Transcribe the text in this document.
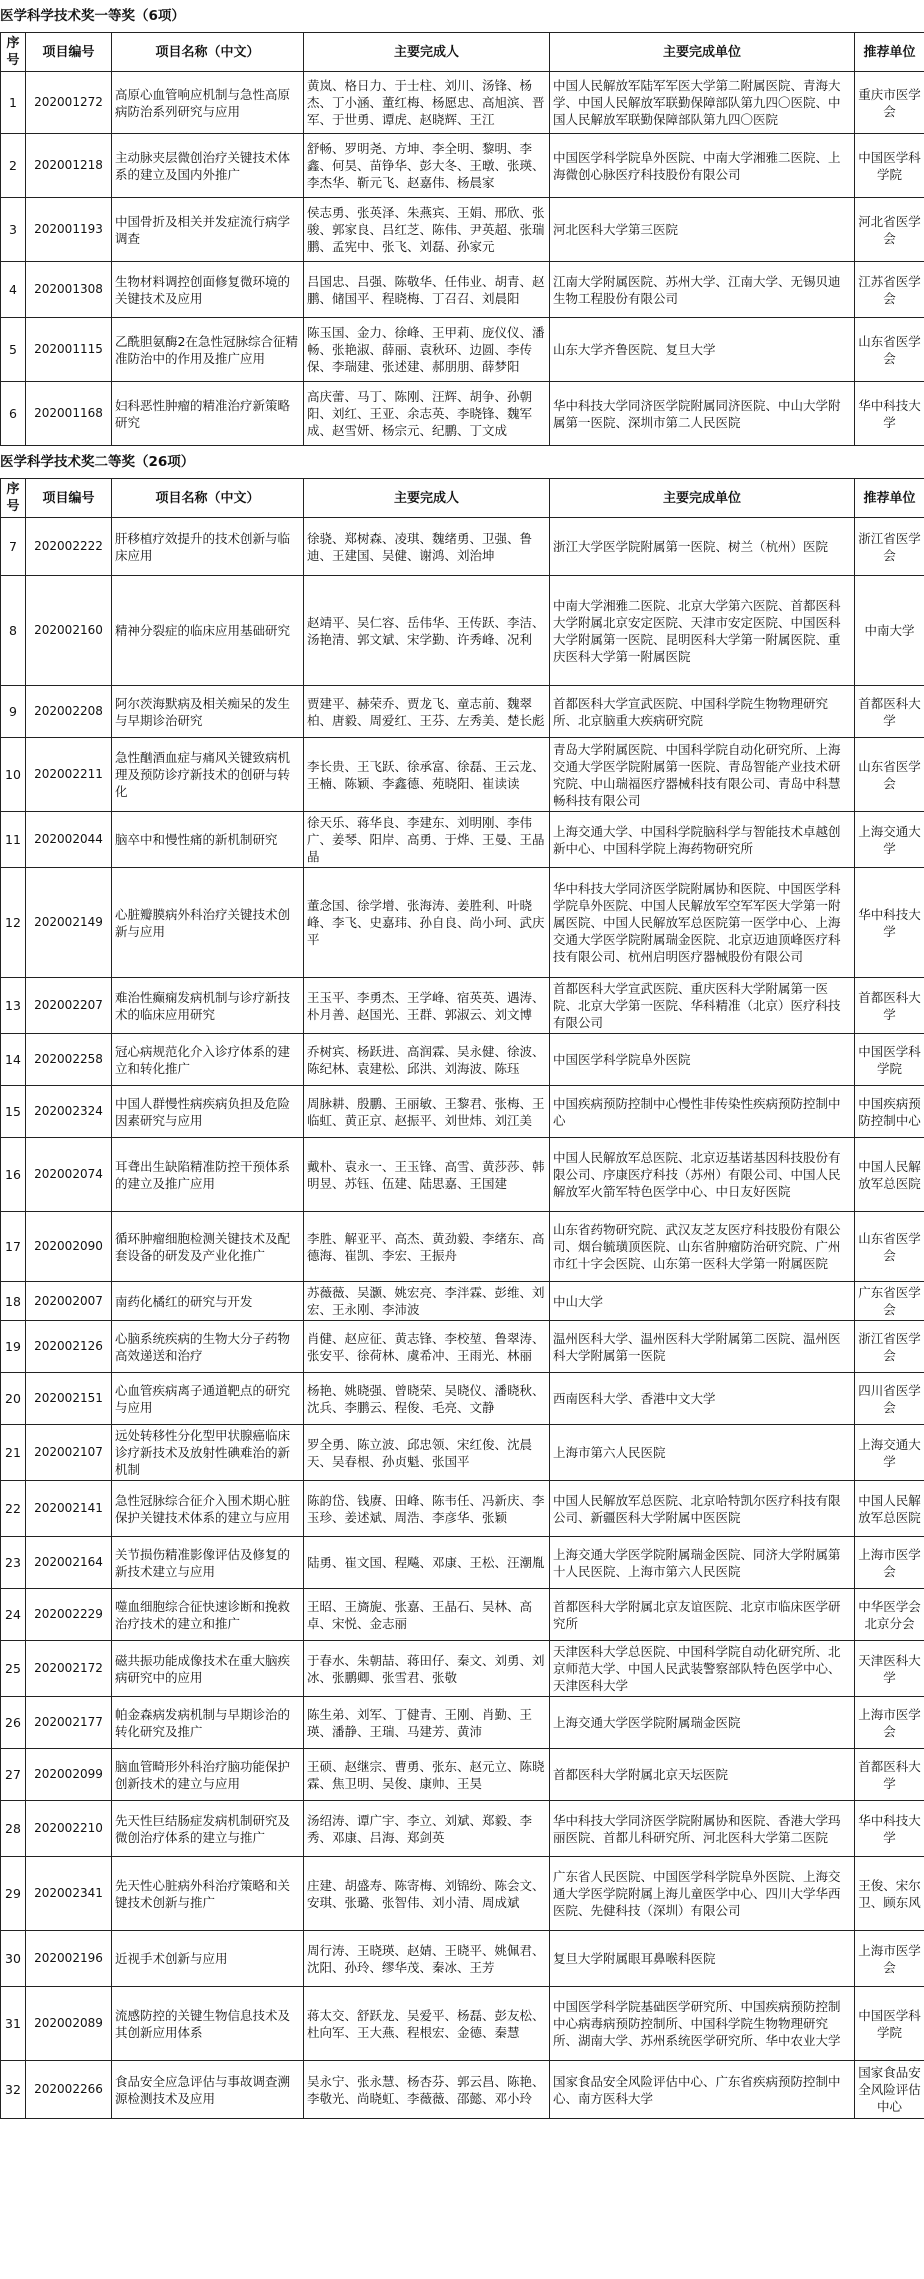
医学科学技术奖一等奖（6项）
序号	项目编号	项目名称（中文）	主要完成人	主要完成单位	推荐单位
1	202001272	高原心血管响应机制与急性高原病防治系列研究与应用	黄岚、格日力、于士柱、刘川、汤锋、杨杰、丁小涵、董红梅、杨愿忠、高旭滨、晋军、于世勇、谭虎、赵晓辉、王江	中国人民解放军陆军军医大学第二附属医院、青海大学、中国人民解放军联勤保障部队第九四〇医院、中国人民解放军联勤保障部队第九四〇医院	重庆市医学会
2	202001218	主动脉夹层微创治疗关键技术体系的建立及国内外推广	舒畅、罗明尧、方坤、李全明、黎明、李鑫、何昊、苗铮华、彭大冬、王暾、张瑛、李杰华、靳元飞、赵嘉伟、杨晨家	中国医学科学院阜外医院、中南大学湘雅二医院、上海微创心脉医疗科技股份有限公司	中国医学科学院
3	202001193	中国骨折及相关并发症流行病学调查	侯志勇、张英泽、朱燕宾、王娟、邢欣、张骏、郭家良、吕红芝、陈伟、尹英超、张瑞鹏、孟宪中、张飞、刘磊、孙家元	河北医科大学第三医院	河北省医学会
4	202001308	生物材料调控创面修复微环境的关键技术及应用	吕国忠、吕强、陈敬华、任伟业、胡青、赵鹏、储国平、程晓梅、丁召召、刘晨阳	江南大学附属医院、苏州大学、江南大学、无锡贝迪生物工程股份有限公司	江苏省医学会
5	202001115	乙酰胆氨酶2在急性冠脉综合征精准防治中的作用及推广应用	陈玉国、金力、徐峰、王甲莉、庞仪仪、潘畅、张艳淑、薛丽、袁秋环、边圆、李传保、李瑞建、张述建、郝朋朋、薛梦阳	山东大学齐鲁医院、复旦大学	山东省医学会
6	202001168	妇科恶性肿瘤的精准治疗新策略研究	高庆蕾、马丁、陈刚、汪辉、胡争、孙朝阳、刘红、王亚、余志英、李晓锋、魏军成、赵雪妍、杨宗元、纪鹏、丁文成	华中科技大学同济医学院附属同济医院、中山大学附属第一医院、深圳市第二人民医院	华中科技大学
医学科学技术奖二等奖（26项）
序号	项目编号	项目名称（中文）	主要完成人	主要完成单位	推荐单位
7	202002222	肝移植疗效提升的技术创新与临床应用	徐骁、郑树森、凌琪、魏绪勇、卫强、鲁迪、王建国、吴健、谢鸿、刘治坤	浙江大学医学院附属第一医院、树兰（杭州）医院	浙江省医学会
8	202002160	精神分裂症的临床应用基础研究	赵靖平、吴仁容、岳伟华、王传跃、李洁、汤艳清、郭文斌、宋学勤、许秀峰、况利	中南大学湘雅二医院、北京大学第六医院、首都医科大学附属北京安定医院、天津市安定医院、中国医科大学附属第一医院、昆明医科大学第一附属医院、重庆医科大学第一附属医院	中南大学
9	202002208	阿尔茨海默病及相关痴呆的发生与早期诊治研究	贾建平、赫荣乔、贾龙飞、童志前、魏翠柏、唐毅、周爱红、王芬、左秀美、楚长彪	首都医科大学宣武医院、中国科学院生物物理研究所、北京脑重大疾病研究院	首都医科大学
10	202002211	急性酗酒血症与痛风关键致病机理及预防诊疗新技术的创研与转化	李长贵、王飞跃、徐承富、徐磊、王云龙、王楠、陈颖、李鑫德、苑晓阳、崔读读	青岛大学附属医院、中国科学院自动化研究所、上海交通大学医学院附属第一医院、青岛智能产业技术研究院、中山瑞福医疗器械科技有限公司、青岛中科慧畅科技有限公司	山东省医学会
11	202002044	脑卒中和慢性痛的新机制研究	徐天乐、蒋华良、李建东、刘明刚、李伟广、姜琴、阳岸、高勇、于烨、王曼、王晶晶	上海交通大学、中国科学院脑科学与智能技术卓越创新中心、中国科学院上海药物研究所	上海交通大学
12	202002149	心脏瓣膜病外科治疗关键技术创新与应用	董念国、徐学增、张海涛、姜胜利、叶晓峰、李飞、史嘉玮、孙自良、尚小珂、武庆平	华中科技大学同济医学院附属协和医院、中国医学科学院阜外医院、中国人民解放军空军军医大学第一附属医院、中国人民解放军总医院第一医学中心、上海交通大学医学院附属瑞金医院、北京迈迪顶峰医疗科技有限公司、杭州启明医疗器械股份有限公司	华中科技大学
13	202002207	难治性癫痫发病机制与诊疗新技术的临床应用研究	王玉平、李勇杰、王学峰、宿英英、遇涛、朴月善、赵国光、王群、郭淑云、刘文博	首都医科大学宣武医院、重庆医科大学附属第一医院、北京大学第一医院、华科精准（北京）医疗科技有限公司	首都医科大学
14	202002258	冠心病规范化介入诊疗体系的建立和转化推广	乔树宾、杨跃进、高润霖、吴永健、徐波、陈纪林、袁建松、邱洪、刘海波、陈珏	中国医学科学院阜外医院	中国医学科学院
15	202002324	中国人群慢性病疾病负担及危险因素研究与应用	周脉耕、殷鹏、王丽敏、王黎君、张梅、王临虹、黄正京、赵振平、刘世炜、刘江美	中国疾病预防控制中心慢性非传染性疾病预防控制中心	中国疾病预防控制中心
16	202002074	耳聋出生缺陷精准防控干预体系的建立及推广应用	戴朴、袁永一、王玉锋、高雪、黄莎莎、韩明昱、苏钰、伍建、陆思嘉、王国建	中国人民解放军总医院、北京迈基诺基因科技股份有限公司、序康医疗科技（苏州）有限公司、中国人民解放军火箭军特色医学中心、中日友好医院	中国人民解放军总医院
17	202002090	循环肿瘤细胞检测关键技术及配套设备的研发及产业化推广	李胜、解亚平、高杰、黄劲毅、李绪东、高德海、崔凯、李宏、王振舟	山东省药物研究院、武汉友芝友医疗科技股份有限公司、烟台毓璜顶医院、山东省肿瘤防治研究院、广州市红十字会医院、山东第一医科大学第一附属医院	山东省医学会
18	202002007	南药化橘红的研究与开发	苏薇薇、吴灏、姚宏亮、李泮霖、彭维、刘宏、王永刚、李沛波	中山大学	广东省医学会
19	202002126	心脑系统疾病的生物大分子药物高效递送和治疗	肖健、赵应征、黄志锋、李校堃、鲁翠涛、张安平、徐荷林、虞希冲、王雨光、林丽	温州医科大学、温州医科大学附属第二医院、温州医科大学附属第一医院	浙江省医学会
20	202002151	心血管疾病离子通道靶点的研究与应用	杨艳、姚晓强、曾晓荣、吴晓仪、潘晓秋、沈兵、李鹏云、程俊、毛亮、文静	西南医科大学、香港中文大学	四川省医学会
21	202002107	远处转移性分化型甲状腺癌临床诊疗新技术及放射性碘难治的新机制	罗全勇、陈立波、邱忠领、宋红俊、沈晨天、吴春根、孙贞魁、张国平	上海市第六人民医院	上海交通大学
22	202002141	急性冠脉综合征介入围术期心脏保护关键技术体系的建立与应用	陈韵岱、钱赓、田峰、陈韦任、冯新庆、李玉珍、姜述斌、周浩、李彦华、张颖	中国人民解放军总医院、北京哈特凯尔医疗科技有限公司、新疆医科大学附属中医医院	中国人民解放军总医院
23	202002164	关节损伤精准影像评估及修复的新技术建立与应用	陆勇、崔文国、程飚、邓康、王松、汪潮胤	上海交通大学医学院附属瑞金医院、同济大学附属第十人民医院、上海市第六人民医院	上海市医学会
24	202002229	噬血细胞综合征快速诊断和挽救治疗技术的建立和推广	王昭、王旖旎、张嘉、王晶石、吴林、高卓、宋悦、金志丽	首都医科大学附属北京友谊医院、北京市临床医学研究所	中华医学会北京分会
25	202002172	磁共振功能成像技术在重大脑疾病研究中的应用	于春水、朱朝喆、蒋田仔、秦文、刘勇、刘冰、张鹏卿、张雪君、张敬	天津医科大学总医院、中国科学院自动化研究所、北京师范大学、中国人民武装警察部队特色医学中心、天津医科大学	天津医科大学
26	202002177	帕金森病发病机制与早期诊治的转化研究及推广	陈生弟、刘军、丁健青、王刚、肖勤、王瑛、潘静、王瑞、马建芳、黄沛	上海交通大学医学院附属瑞金医院	上海市医学会
27	202002099	脑血管畸形外科治疗脑功能保护创新技术的建立与应用	王硕、赵继宗、曹勇、张东、赵元立、陈晓霖、焦卫明、吴俊、康帅、王昊	首都医科大学附属北京天坛医院	首都医科大学
28	202002210	先天性巨结肠症发病机制研究及微创治疗体系的建立与推广	汤绍涛、谭广宇、李立、刘斌、郑毅、李秀、邓康、吕海、郑剑英	华中科技大学同济医学院附属协和医院、香港大学玛丽医院、首都儿科研究所、河北医科大学第二医院	华中科技大学
29	202002341	先天性心脏病外科治疗策略和关键技术创新与推广	庄建、胡盛寿、陈寄梅、刘锦纷、陈会文、安琪、张璐、张智伟、刘小清、周成斌	广东省人民医院、中国医学科学院阜外医院、上海交通大学医学院附属上海儿童医学中心、四川大学华西医院、先健科技（深圳）有限公司	王俊、宋尔卫、顾东风
30	202002196	近视手术创新与应用	周行涛、王晓瑛、赵婧、王晓平、姚佩君、沈阳、孙玲、缪华茂、秦冰、王芳	复旦大学附属眼耳鼻喉科医院	上海市医学会
31	202002089	流感防控的关键生物信息技术及其创新应用体系	蒋太交、舒跃龙、吴爱平、杨磊、彭友松、杜向军、王大燕、程根宏、金德、秦慧	中国医学科学院基础医学研究所、中国疾病预防控制中心病毒病预防控制所、中国科学院生物物理研究所、湖南大学、苏州系统医学研究所、华中农业大学	中国医学科学院
32	202002266	食品安全应急评估与事故调查溯源检测技术及应用	吴永宁、张永慧、杨杏芬、郭云昌、陈艳、李敬光、尚晓虹、李薇薇、邵懿、邓小玲	国家食品安全风险评估中心、广东省疾病预防控制中心、南方医科大学	国家食品安全风险评估中心
